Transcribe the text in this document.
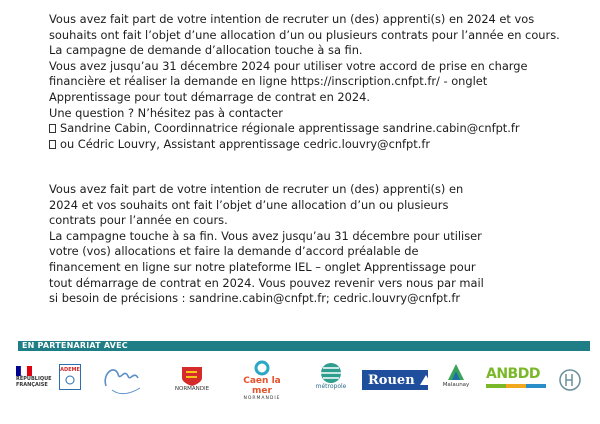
Vous avez fait part de votre intention de recruter un (des) apprenti(s) en 2024 et vos
souhaits ont fait l’objet d’une allocation d’un ou plusieurs contrats pour l’année en cours.
La campagne de demande d’allocation touche à sa fin.
Vous avez jusqu’au 31 décembre 2024 pour utiliser votre accord de prise en charge
financière et réaliser la demande en ligne https://inscription.cnfpt.fr/ - onglet
Apprentissage pour tout démarrage de contrat en 2024.
Une question ? N’hésitez pas à contacter
Sandrine Cabin, Coordinnatrice régionale apprentissage sandrine.cabin@cnfpt.fr
ou Cédric Louvry, Assistant apprentissage cedric.louvry@cnfpt.fr
Vous avez fait part de votre intention de recruter un (des) apprenti(s) en
2024 et vos souhaits ont fait l’objet d’une allocation d’un ou plusieurs
contrats pour l’année en cours.
La campagne touche à sa fin. Vous avez jusqu’au 31 décembre pour utiliser
votre (vos) allocations et faire la demande d’accord préalable de
financement en ligne sur notre plateforme IEL – onglet Apprentissage pour
tout démarrage de contrat en 2024. Vous pouvez revenir vers nous par mail
si besoin de précisions : sandrine.cabin@cnfpt.fr; cedric.louvry@cnfpt.fr
EN PARTENARIAT AVEC
RÉPUBLIQUE FRANÇAISE
ADEME
NORMANDIE
Caen la mer
NORMANDIE
métropole	Rouen	Malaunay
ANBDD
